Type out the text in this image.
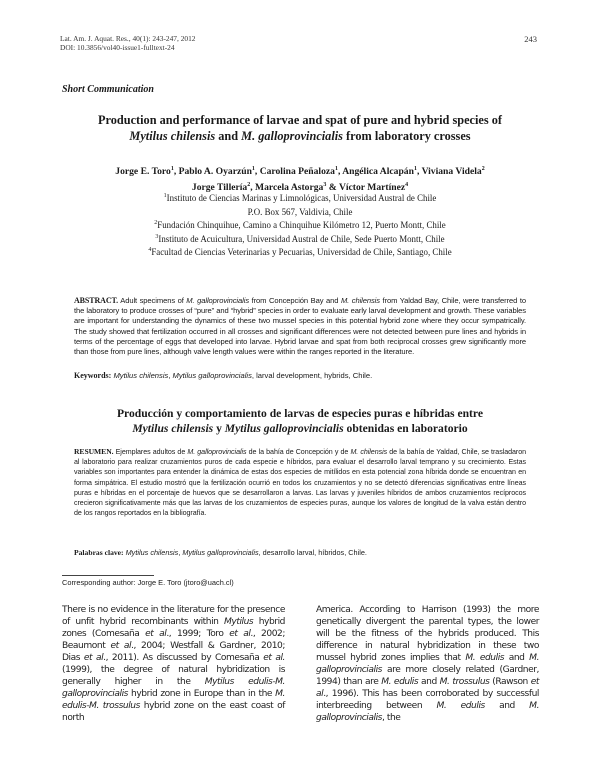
Lat. Am. J. Aquat. Res., 40(1): 243-247, 2012
DOI: 10.3856/vol40-issue1-fulltext-24
243
Short Communication
Production and performance of larvae and spat of pure and hybrid species of
Mytilus chilensis and M. galloprovincialis from laboratory crosses
Jorge E. Toro$^1$, Pablo A. Oyarzún$^1$, Carolina Peñaloza$^1$, Angélica Alcapán$^1$, Viviana Videla$^2$
Jorge Tillería$^2$, Marcela Astorga$^3$ & Víctor Martínez$^4$
$^1$Instituto de Ciencias Marinas y Limnológicas, Universidad Austral de Chile
P.O. Box 567, Valdivia, Chile
$^2$Fundación Chinquihue, Camino a Chinquihue Kilómetro 12, Puerto Montt, Chile
$^3$Instituto de Acuicultura, Universidad Austral de Chile, Sede Puerto Montt, Chile
$^4$Facultad de Ciencias Veterinarias y Pecuarias, Universidad de Chile, Santiago, Chile
ABSTRACT. Adult specimens of M. galloprovincialis from Concepción Bay and M. chilensis from Yaldad Bay, Chile, were transferred to the laboratory to produce crosses of “pure” and “hybrid” species in order to evaluate early larval development and growth. These variables are important for understanding the dynamics of these two mussel species in this potential hybrid zone where they occur sympatrically. The study showed that fertilization occurred in all crosses and significant differences were not detected between pure lines and hybrids in terms of the percentage of eggs that developed into larvae. Hybrid larvae and spat from both reciprocal crosses grew significantly more than those from pure lines, although valve length values were within the ranges reported in the literature.
Keywords: Mytilus chilensis, Mytilus galloprovincialis, larval development, hybrids, Chile.
Producción y comportamiento de larvas de especies puras e híbridas entre
Mytilus chilensis y Mytilus galloprovincialis obtenidas en laboratorio
RESUMEN. Ejemplares adultos de M. galloprovincialis de la bahía de Concepción y de M. chilensis de la bahía de Yaldad, Chile, se trasladaron al laboratorio para realizar cruzamientos puros de cada especie e híbridos, para evaluar el desarrollo larval temprano y su crecimiento. Estas variables son importantes para entender la dinámica de estas dos especies de mitílidos en esta potencial zona híbrida donde se encuentran en forma simpátrica. El estudio mostró que la fertilización ocurrió en todos los cruzamientos y no se detectó diferencias significativas entre líneas puras e híbridas en el porcentaje de huevos que se desarrollaron a larvas. Las larvas y juveniles híbridos de ambos cruzamientos recíprocos crecieron significativamente más que las larvas de los cruzamientos de especies puras, aunque los valores de longitud de la valva están dentro de los rangos reportados en la bibliografía.
Palabras clave: Mytilus chilensis, Mytilus galloprovincialis, desarrollo larval, híbridos, Chile.
Corresponding author: Jorge E. Toro (jtoro@uach.cl)
There is no evidence in the literature for the presence of unfit hybrid recombinants within Mytilus hybrid zones (Comesaña et al., 1999; Toro et al., 2002; Beaumont et al., 2004; Westfall & Gardner, 2010; Dias et al., 2011). As discussed by Comesaña et al. (1999), the degree of natural hybridization is generally higher in the Mytilus edulis-M. galloprovincialis hybrid zone in Europe than in the M. edulis-M. trossulus hybrid zone on the east coast of north
America. According to Harrison (1993) the more genetically divergent the parental types, the lower will be the fitness of the hybrids produced. This difference in natural hybridization in these two mussel hybrid zones implies that M. edulis and M. galloprovincialis are more closely related (Gardner, 1994) than are M. edulis and M. trossulus (Rawson et al., 1996). This has been corroborated by successful interbreeding between M. edulis and M. galloprovincialis, the
